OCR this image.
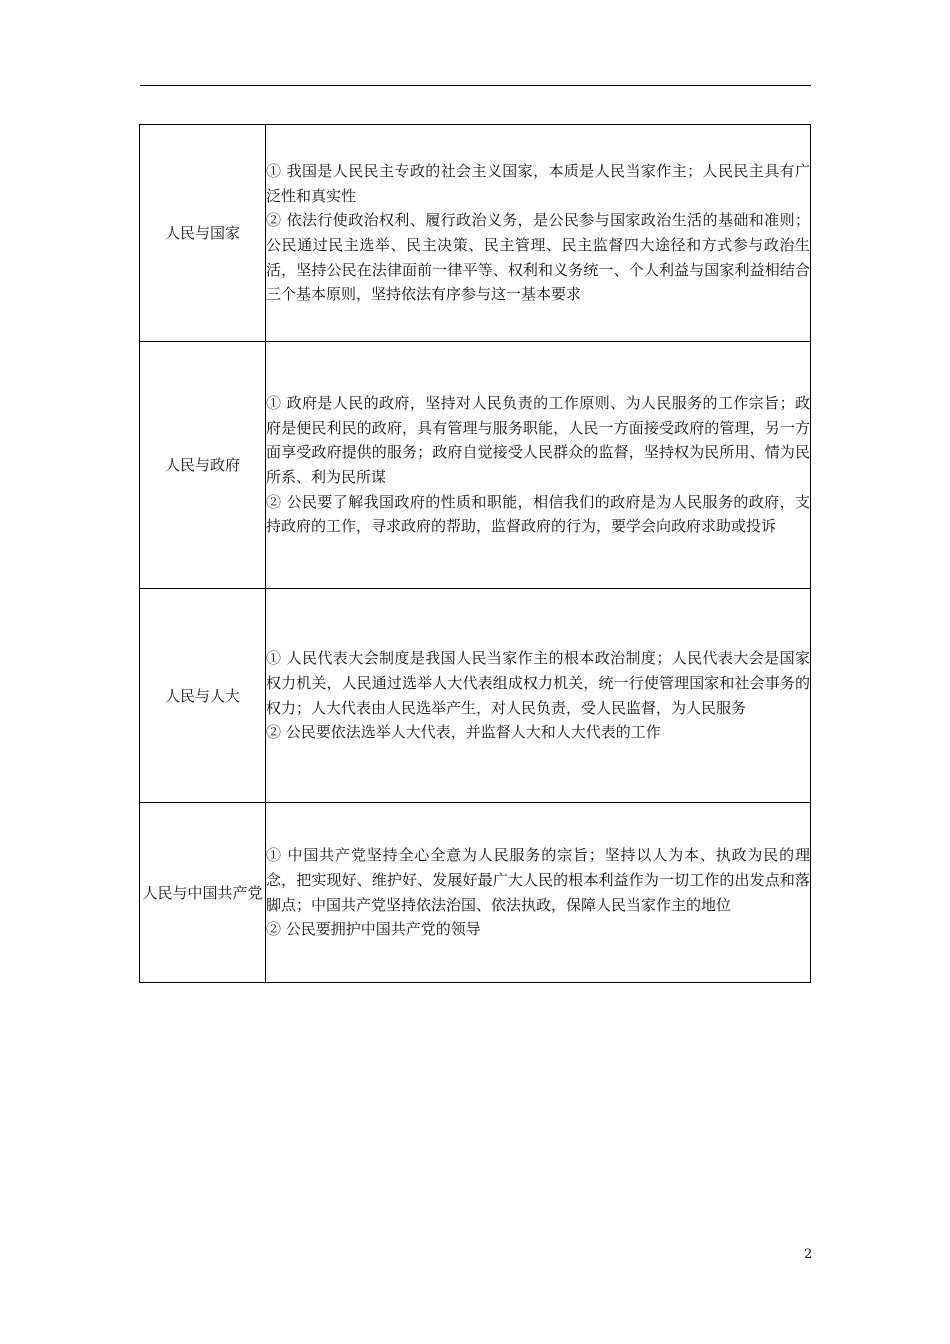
人民与国家	① 我国是人民民主专政的社会主义国家，本质是人民当家作主；人民民主具有广泛性和真实性
② 依法行使政治权利、履行政治义务，是公民参与国家政治生活的基础和准则；公民通过民主选举、民主决策、民主管理、民主监督四大途径和方式参与政治生活，坚持公民在法律面前一律平等、权利和义务统一、个人利益与国家利益相结合三个基本原则，坚持依法有序参与这一基本要求

人民与政府	① 政府是人民的政府，坚持对人民负责的工作原则、为人民服务的工作宗旨；政府是便民利民的政府，具有管理与服务职能，人民一方面接受政府的管理，另一方面享受政府提供的服务；政府自觉接受人民群众的监督，坚持权为民所用、情为民所系、利为民所谋
② 公民要了解我国政府的性质和职能，相信我们的政府是为人民服务的政府，支持政府的工作，寻求政府的帮助，监督政府的行为，要学会向政府求助或投诉

人民与人大	① 人民代表大会制度是我国人民当家作主的根本政治制度；人民代表大会是国家权力机关，人民通过选举人大代表组成权力机关，统一行使管理国家和社会事务的权力；人大代表由人民选举产生，对人民负责，受人民监督，为人民服务
② 公民要依法选举人大代表，并监督人大和人大代表的工作

人民与中国共产党	① 中国共产党坚持全心全意为人民服务的宗旨；坚持以人为本、执政为民的理念，把实现好、维护好、发展好最广大人民的根本利益作为一切工作的出发点和落脚点；中国共产党坚持依法治国、依法执政，保障人民当家作主的地位
② 公民要拥护中国共产党的领导
2
